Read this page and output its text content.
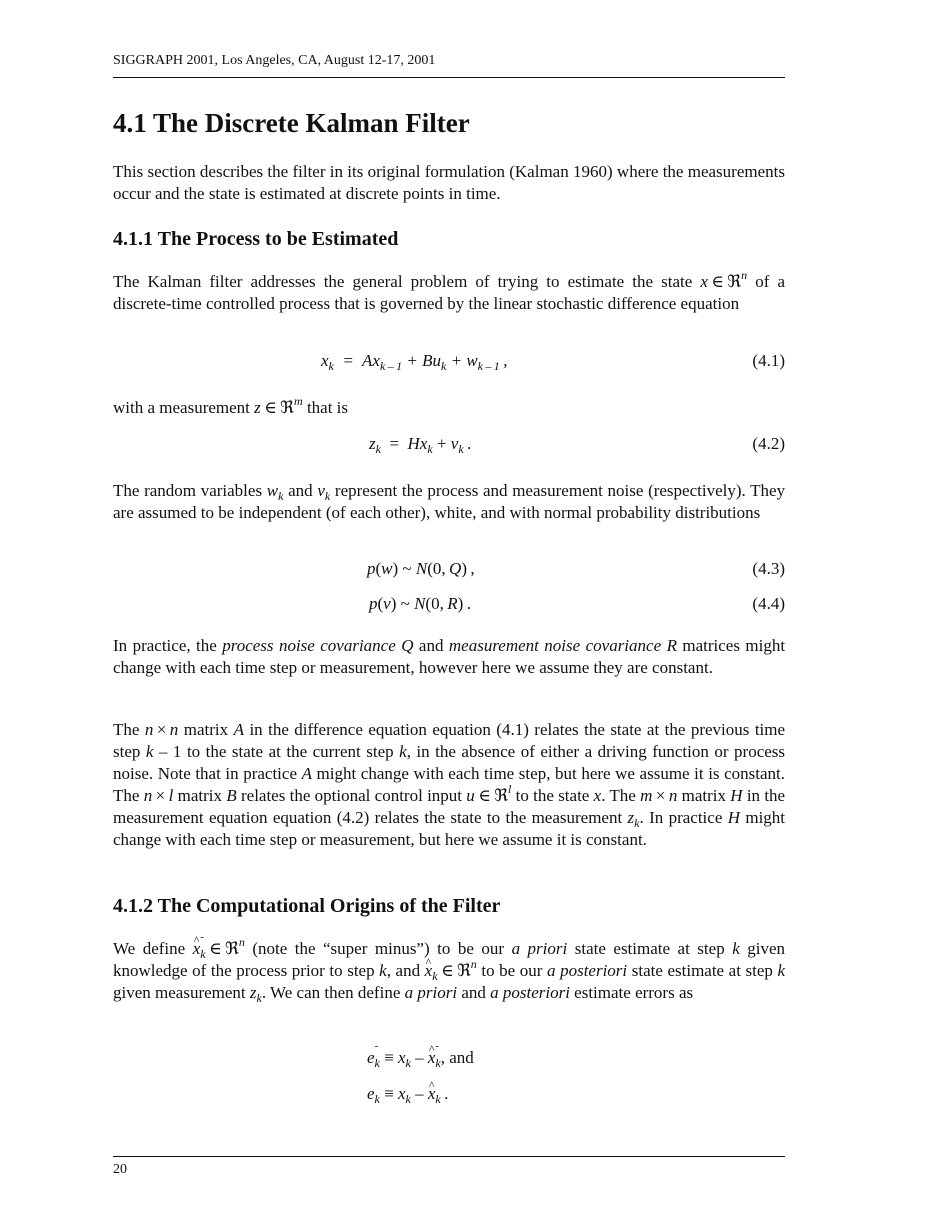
SIGGRAPH 2001, Los Angeles, CA, August 12-17, 2001
4.1 The Discrete Kalman Filter

This section describes the filter in its original formulation (Kalman 1960) where the measurements occur and the state is estimated at discrete points in time.

4.1.1 The Process to be Estimated

The Kalman filter addresses the general problem of trying to estimate the state x ∈ ℜ$^n$ of a discrete-time controlled process that is governed by the linear stochastic difference equation

$x_k = Ax_{k - 1} + Bu_k + w_{k - 1}$ ,	(4.1)

with a measurement z ∈ ℜ$^m$ that is

$z_k = Hx_k + v_k$ .	(4.2)

The random variables $w_k$ and $v_k$ represent the process and measurement noise (respectively). They are assumed to be independent (of each other), white, and with normal probability distributions

p(w) ~ N(0, Q) ,	(4.3)
p(v) ~ N(0, R) .	(4.4)

In practice, the process noise covariance Q and measurement noise covariance R matrices might change with each time step or measurement, however here we assume they are constant.

The n × n matrix A in the difference equation equation (4.1) relates the state at the previous time step k – 1 to the state at the current step k, in the absence of either a driving function or process noise. Note that in practice A might change with each time step, but here we assume it is constant. The n × l matrix B relates the optional control input u ∈ ℜ$^l$ to the state x. The m × n matrix H in the measurement equation equation (4.2) relates the state to the measurement $z_k$. In practice H might change with each time step or measurement, but here we assume it is constant.

4.1.2 The Computational Origins of the Filter

We define ^ $x_k$ - ∈ ℜ$^n$ (note the “super minus”) to be our a priori state estimate at step k given knowledge of the process prior to step k, and ^ $x_k$ ∈ ℜ$^n$ to be our a posteriori state estimate at step k given measurement $z_k$. We can then define a priori and a posteriori estimate errors as

$e_k$ - ≡ $x_k$ – ^ $x_k$ -, and
$e_k \equiv x_k$ – ^ $x_k$ .
20
